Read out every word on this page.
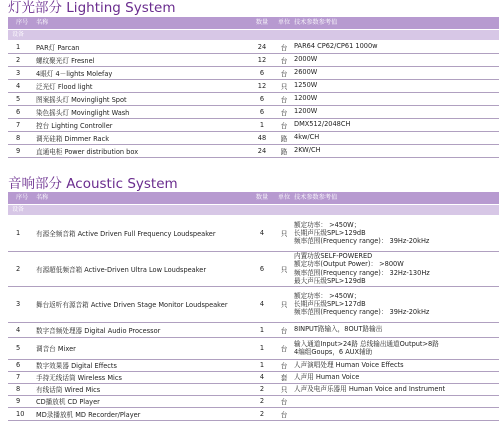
灯光部分 Lighting System
序号 名称	数量	单位 技术参数参考值
设备
1 PAR灯 Parcan	24	台	PAR64 CP62/CP61 1000w
2 螺纹聚光灯 Fresnel	12	台	2000W
3 4眼灯 4－lights Molefay	6	台	2600W
4 泛光灯 Flood light	12	只	1250W
5 图案摇头灯 Movinglight Spot	6	台	1200W
6 染色摇头灯 Movinglight Wash	6	台	1200W
7 控台 Lighting Controller	1	台	DMX512/2048CH
8 调光硅箱 Dimmer Rack	48	路	4kw/CH
9 直通电柜 Power distribution box	24	路	2KW/CH
音响部分 Acoustic System
序号 名称	数量	单位 技术参数参考值
设备
1 有源全频音箱 Active Driven Full Frequency Loudspeaker	4	只
额定功率： >450W；
长期声压级SPL>129dB
频率范围(Frequency range)： 39Hz-20kHz
2 有源超低频音箱 Active-Driven Ultra Low Loudspeaker	6	只
内置功放SELF-POWERED
额定功率(Output Power)： >800W
频率范围(Frequency range)： 32Hz-130Hz
最大声压级SPL>129dB
3 舞台返听有源音箱 Active Driven Stage Monitor Loudspeaker	4	只
额定功率： >450W；
长期声压级SPL>127dB
频率范围(Frequency range)： 39Hz-20kHz
4 数字音频处理器 Digital Audio Processor	1	台	8INPUT路输入，8OUT路输出
5 调音台 Mixer	1	台
输入通道Input>24路 总线输出通道Output>8路
4编组Goups，6 AUX辅助
6 数字效果器 Digital Effects	1	台	人声演唱处理 Human Voice Effects
7 手持无线话筒 Wireless Mics	4	套	人声用 Human Voice
8 有线话筒 Wired Mics	2	只	人声及电声乐器用 Human Voice and Instrument
9 CD播放机 CD Player	2	台
10 MD录播放机 MD Recorder/Player	2	台
